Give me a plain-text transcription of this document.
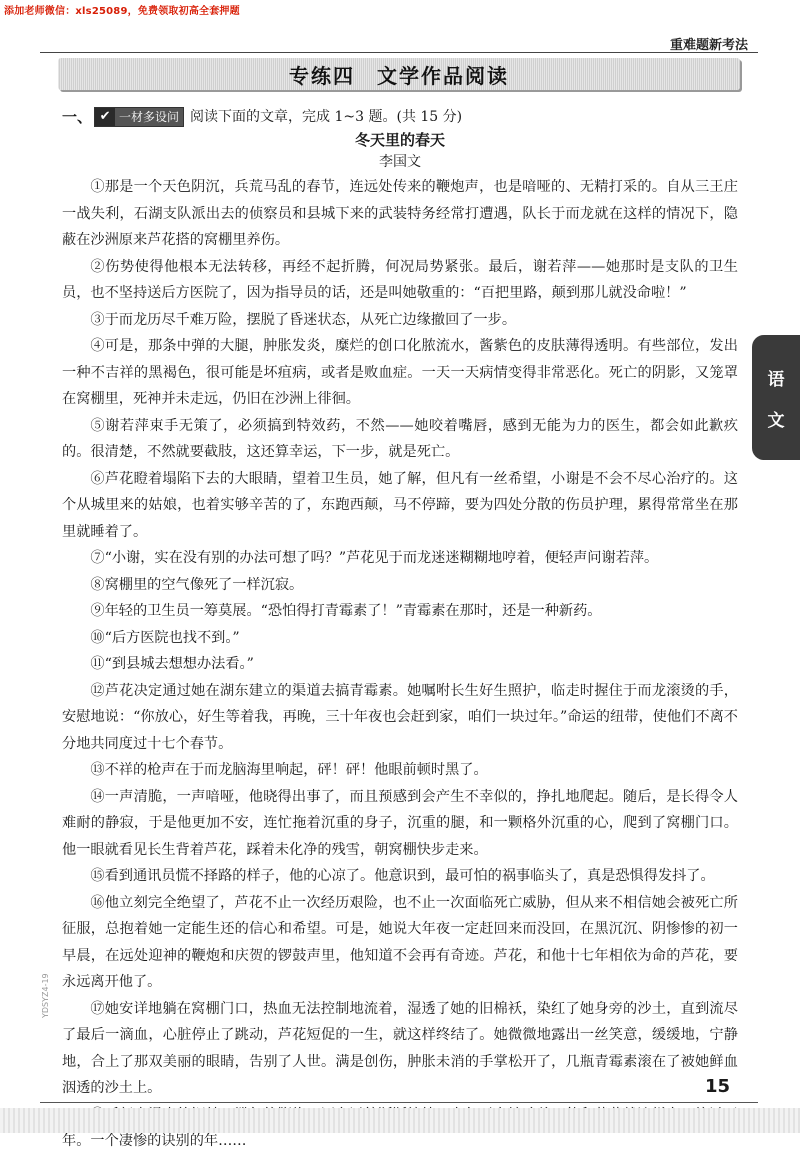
添加老师微信：xls25089，免费领取初高全套押题
重难题新考法
专练四　文学作品阅读
一、 ✔ 一材多设问 阅读下面的文章，完成 1~3 题。(共 15 分)
冬天里的春天
李国文

①那是一个天色阴沉，兵荒马乱的春节，连远处传来的鞭炮声，也是喑哑的、无精打采的。自从三王庄一战失利，石湖支队派出去的侦察员和县城下来的武装特务经常打遭遇，队长于而龙就在这样的情况下，隐蔽在沙洲原来芦花搭的窝棚里养伤。

②伤势使得他根本无法转移，再经不起折腾，何况局势紧张。最后，谢若萍——她那时是支队的卫生员，也不坚持送后方医院了，因为指导员的话，还是叫她敬重的：“百把里路，颠到那儿就没命啦！”

③于而龙历尽千难万险，摆脱了昏迷状态，从死亡边缘撤回了一步。

④可是，那条中弹的大腿，肿胀发炎，糜烂的创口化脓流水，酱紫色的皮肤薄得透明。有些部位，发出一种不吉祥的黑褐色，很可能是坏疽病，或者是败血症。一天一天病情变得非常恶化。死亡的阴影，又笼罩在窝棚里，死神并未走远，仍旧在沙洲上徘徊。

⑤谢若萍束手无策了，必须搞到特效药，不然——她咬着嘴唇，感到无能为力的医生，都会如此歉疚的。很清楚，不然就要截肢，这还算幸运，下一步，就是死亡。

⑥芦花瞪着塌陷下去的大眼睛，望着卫生员，她了解，但凡有一丝希望，小谢是不会不尽心治疗的。这个从城里来的姑娘，也着实够辛苦的了，东跑西颠，马不停蹄，要为四处分散的伤员护理，累得常常坐在那里就睡着了。

⑦“小谢，实在没有别的办法可想了吗？”芦花见于而龙迷迷糊糊地哼着，便轻声问谢若萍。

⑧窝棚里的空气像死了一样沉寂。

⑨年轻的卫生员一筹莫展。“恐怕得打青霉素了！”青霉素在那时，还是一种新药。

⑩“后方医院也找不到。”

⑪“到县城去想想办法看。”

⑫芦花决定通过她在湖东建立的渠道去搞青霉素。她嘱咐长生好生照护，临走时握住于而龙滚烫的手，安慰地说：“你放心，好生等着我，再晚，三十年夜也会赶到家，咱们一块过年。”命运的纽带，使他们不离不分地共同度过十七个春节。

⑬不祥的枪声在于而龙脑海里响起，砰！砰！他眼前顿时黑了。

⑭一声清脆，一声喑哑，他晓得出事了，而且预感到会产生不幸似的，挣扎地爬起。随后，是长得令人难耐的静寂，于是他更加不安，连忙拖着沉重的身子，沉重的腿，和一颗格外沉重的心，爬到了窝棚门口。他一眼就看见长生背着芦花，踩着未化净的残雪，朝窝棚快步走来。

⑮看到通讯员慌不择路的样子，他的心凉了。他意识到，最可怕的祸事临头了，真是恐惧得发抖了。

⑯他立刻完全绝望了，芦花不止一次经历艰险，也不止一次面临死亡威胁，但从来不相信她会被死亡所征服，总抱着她一定能生还的信心和希望。可是，她说大年夜一定赶回来而没回，在黑沉沉、阴惨惨的初一早晨，在远处迎神的鞭炮和庆贺的锣鼓声里，他知道不会再有奇迹。芦花，和他十七年相依为命的芦花，要永远离开他了。

⑰她安详地躺在窝棚门口，热血无法控制地流着，湿透了她的旧棉袄，染红了她身旁的沙土，直到流尽了最后一滴血，心脏停止了跳动，芦花短促的一生，就这样终结了。她微微地露出一丝笑意，缓缓地，宁静地，合上了那双美丽的眼睛，告别了人世。满是创伤，肿胀未消的手掌松开了，几瓶青霉素滚在了被她鲜血洇透的沙土上。

年。一个凄惨的诀别的年……

语
文
YDSYZ4-19
15
